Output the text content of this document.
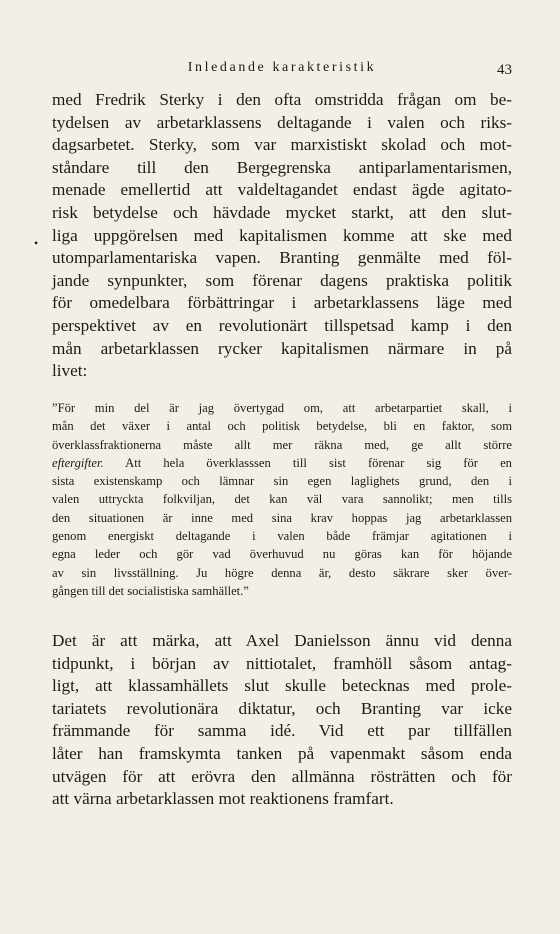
Inledande karakteristik	43
•
med Fredrik Sterky i den ofta omstridda frågan om be-
tydelsen av arbetarklassens deltagande i valen och riks-
dagsarbetet. Sterky, som var marxistiskt skolad och mot-
ståndare till den Bergegrenska antiparlamentarismen,
menade emellertid att valdeltagandet endast ägde agitato-
risk betydelse och hävdade mycket starkt, att den slut-
liga uppgörelsen med kapitalismen komme att ske med
utomparlamentariska vapen. Branting genmälte med föl-
jande synpunkter, som förenar dagens praktiska politik
för omedelbara förbättringar i arbetarklassens läge med
perspektivet av en revolutionärt tillspetsad kamp i den
mån arbetarklassen rycker kapitalismen närmare in på
livet:
”För min del är jag övertygad om, att arbetarpartiet skall, i
mån det växer i antal och politisk betydelse, bli en faktor, som
överklassfraktionerna måste allt mer räkna med, ge allt större
eftergifter. Att hela överklasssen till sist förenar sig för en
sista existenskamp och lämnar sin egen laglighets grund, den i
valen uttryckta folkviljan, det kan väl vara sannolikt; men tills
den situationen är inne med sina krav hoppas jag arbetarklassen
genom energiskt deltagande i valen både främjar agitationen i
egna leder och gör vad överhuvud nu göras kan för höjande
av sin livsställning. Ju högre denna är, desto säkrare sker över-
gången till det socialistiska samhället.”
Det är att märka, att Axel Danielsson ännu vid denna
tidpunkt, i början av nittiotalet, framhöll såsom antag-
ligt, att klassamhällets slut skulle betecknas med prole-
tariatets revolutionära diktatur, och Branting var icke
främmande för samma idé. Vid ett par tillfällen
låter han framskymta tanken på vapenmakt såsom enda
utvägen för att erövra den allmänna rösträtten och för
att värna arbetarklassen mot reaktionens framfart.
